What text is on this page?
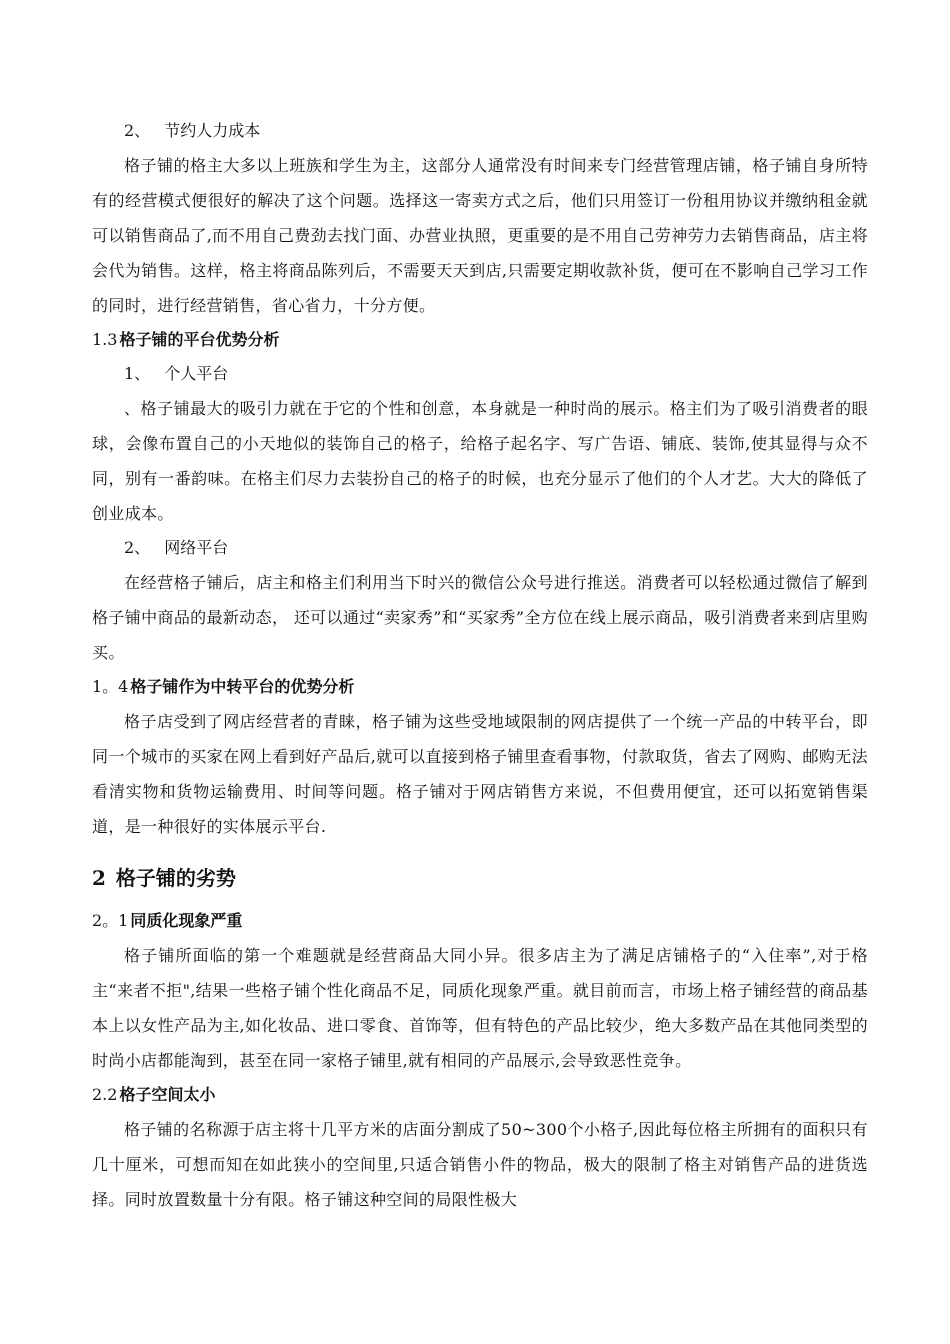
2、 节约人力成本

格子铺的格主大多以上班族和学生为主，这部分人通常没有时间来专门经营管理店铺，格子铺自身所特有的经营模式便很好的解决了这个问题。选择这一寄卖方式之后，他们只用签订一份租用协议并缴纳租金就可以销售商品了,而不用自己费劲去找门面、办营业执照，更重要的是不用自己劳神劳力去销售商品，店主将会代为销售。这样，格主将商品陈列后，不需要天天到店,只需要定期收款补货，便可在不影响自己学习工作的同时，进行经营销售，省心省力，十分方便。

1.3 格子铺的平台优势分析
1、 个人平台

、格子铺最大的吸引力就在于它的个性和创意，本身就是一种时尚的展示。格主们为了吸引消费者的眼球，会像布置自己的小天地似的装饰自己的格子，给格子起名字、写广告语、铺底、装饰,使其显得与众不同，别有一番韵味。在格主们尽力去装扮自己的格子的时候，也充分显示了他们的个人才艺。大大的降低了创业成本。

2、 网络平台

在经营格子铺后，店主和格主们利用当下时兴的微信公众号进行推送。消费者可以轻松通过微信了解到格子铺中商品的最新动态， 还可以通过“卖家秀”和“买家秀”全方位在线上展示商品，吸引消费者来到店里购买。

1。4 格子铺作为中转平台的优势分析

格子店受到了网店经营者的青睐，格子铺为这些受地域限制的网店提供了一个统一产品的中转平台，即同一个城市的买家在网上看到好产品后,就可以直接到格子铺里查看事物，付款取货，省去了网购、邮购无法看清实物和货物运输费用、时间等问题。格子铺对于网店销售方来说，不但费用便宜，还可以拓宽销售渠道，是一种很好的实体展示平台.

2 格子铺的劣势
2。1 同质化现象严重

格子铺所面临的第一个难题就是经营商品大同小异。很多店主为了满足店铺格子的“入住率”,对于格主“来者不拒",结果一些格子铺个性化商品不足，同质化现象严重。就目前而言，市场上格子铺经营的商品基本上以女性产品为主,如化妆品、进口零食、首饰等，但有特色的产品比较少，绝大多数产品在其他同类型的时尚小店都能淘到，甚至在同一家格子铺里,就有相同的产品展示,会导致恶性竞争。

2.2 格子空间太小

格子铺的名称源于店主将十几平方米的店面分割成了50~300个小格子,因此每位格主所拥有的面积只有几十厘米，可想而知在如此狭小的空间里,只适合销售小件的物品，极大的限制了格主对销售产品的进货选择。同时放置数量十分有限。格子铺这种空间的局限性极大
